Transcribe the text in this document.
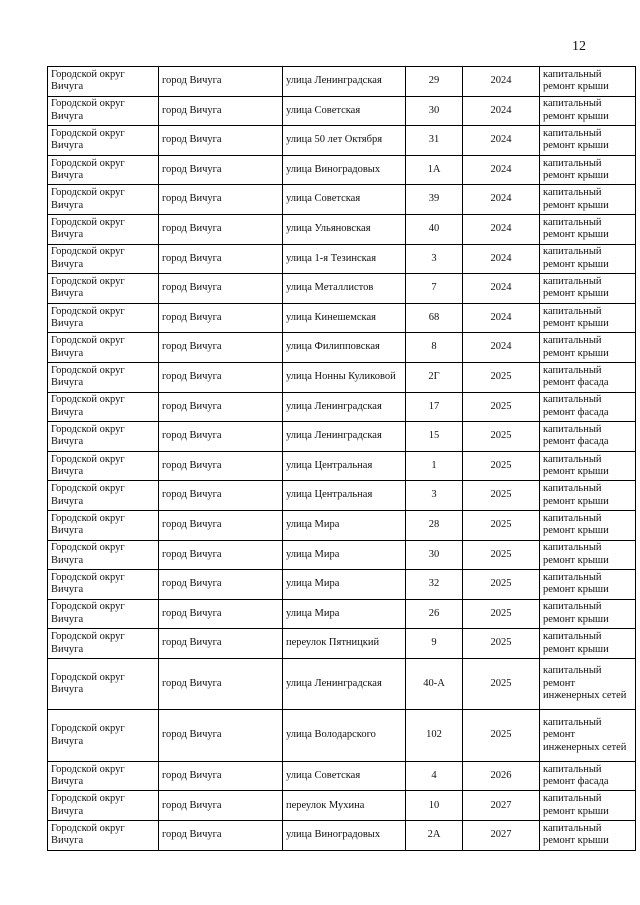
12
Городской округ Вичуга	город Вичуга	улица Ленинградская	29	2024	капитальный ремонт крыши
Городской округ Вичуга	город Вичуга	улица Советская	30	2024	капитальный ремонт крыши
Городской округ Вичуга	город Вичуга	улица 50 лет Октября	31	2024	капитальный ремонт крыши
Городской округ Вичуга	город Вичуга	улица Виноградовых	1А	2024	капитальный ремонт крыши
Городской округ Вичуга	город Вичуга	улица Советская	39	2024	капитальный ремонт крыши
Городской округ Вичуга	город Вичуга	улица Ульяновская	40	2024	капитальный ремонт крыши
Городской округ Вичуга	город Вичуга	улица 1-я Тезинская	3	2024	капитальный ремонт крыши
Городской округ Вичуга	город Вичуга	улица Металлистов	7	2024	капитальный ремонт крыши
Городской округ Вичуга	город Вичуга	улица Кинешемская	68	2024	капитальный ремонт крыши
Городской округ Вичуга	город Вичуга	улица Филипповская	8	2024	капитальный ремонт крыши
Городской округ Вичуга	город Вичуга	улица Нонны Куликовой	2Г	2025	капитальный ремонт фасада
Городской округ Вичуга	город Вичуга	улица Ленинградская	17	2025	капитальный ремонт фасада
Городской округ Вичуга	город Вичуга	улица Ленинградская	15	2025	капитальный ремонт фасада
Городской округ Вичуга	город Вичуга	улица Центральная	1	2025	капитальный ремонт крыши
Городской округ Вичуга	город Вичуга	улица Центральная	3	2025	капитальный ремонт крыши
Городской округ Вичуга	город Вичуга	улица Мира	28	2025	капитальный ремонт крыши
Городской округ Вичуга	город Вичуга	улица Мира	30	2025	капитальный ремонт крыши
Городской округ Вичуга	город Вичуга	улица Мира	32	2025	капитальный ремонт крыши
Городской округ Вичуга	город Вичуга	улица Мира	26	2025	капитальный ремонт крыши
Городской округ Вичуга	город Вичуга	переулок Пятницкий	9	2025	капитальный ремонт крыши
Городской округ Вичуга	город Вичуга	улица Ленинградская	40-А	2025	капитальный ремонт инженерных сетей
Городской округ Вичуга	город Вичуга	улица Володарского	102	2025	капитальный ремонт инженерных сетей
Городской округ Вичуга	город Вичуга	улица Советская	4	2026	капитальный ремонт фасада
Городской округ Вичуга	город Вичуга	переулок Мухина	10	2027	капитальный ремонт крыши
Городской округ Вичуга	город Вичуга	улица Виноградовых	2А	2027	капитальный ремонт крыши
